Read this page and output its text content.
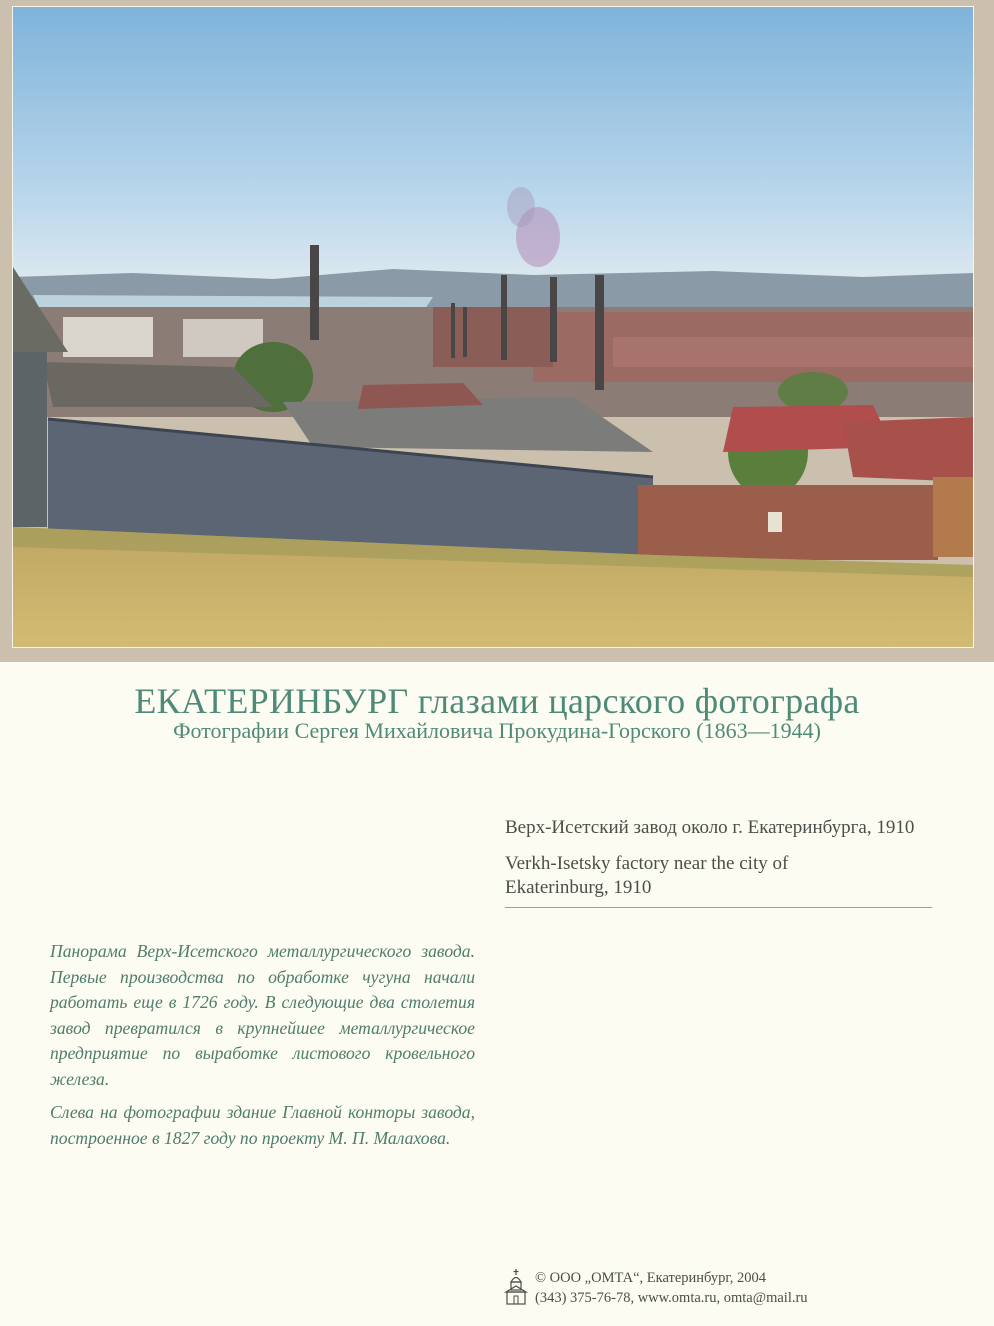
ЕКАТЕРИНБУРГ глазами царского фотографа
Фотографии Сергея Михайловича Прокудина-Горского (1863—1944)
Верх-Исетский завод около г. Екатеринбурга, 1910
Verkh-Isetsky factory near the city of Ekaterinburg, 1910
Панорама Верх-Исетского металлургического завода. Первые производства по обработке чугуна начали работать еще в 1726 году. В следующие два столетия завод превратился в крупнейшее металлургическое предприятие по выработке листового кровельного железа.
Слева на фотографии здание Главной конторы завода, построенное в 1827 году по проекту М. П. Малахова.
© ООО „ОМТА“, Екатеринбург, 2004
(343) 375-76-78, www.omta.ru, omta@mail.ru
